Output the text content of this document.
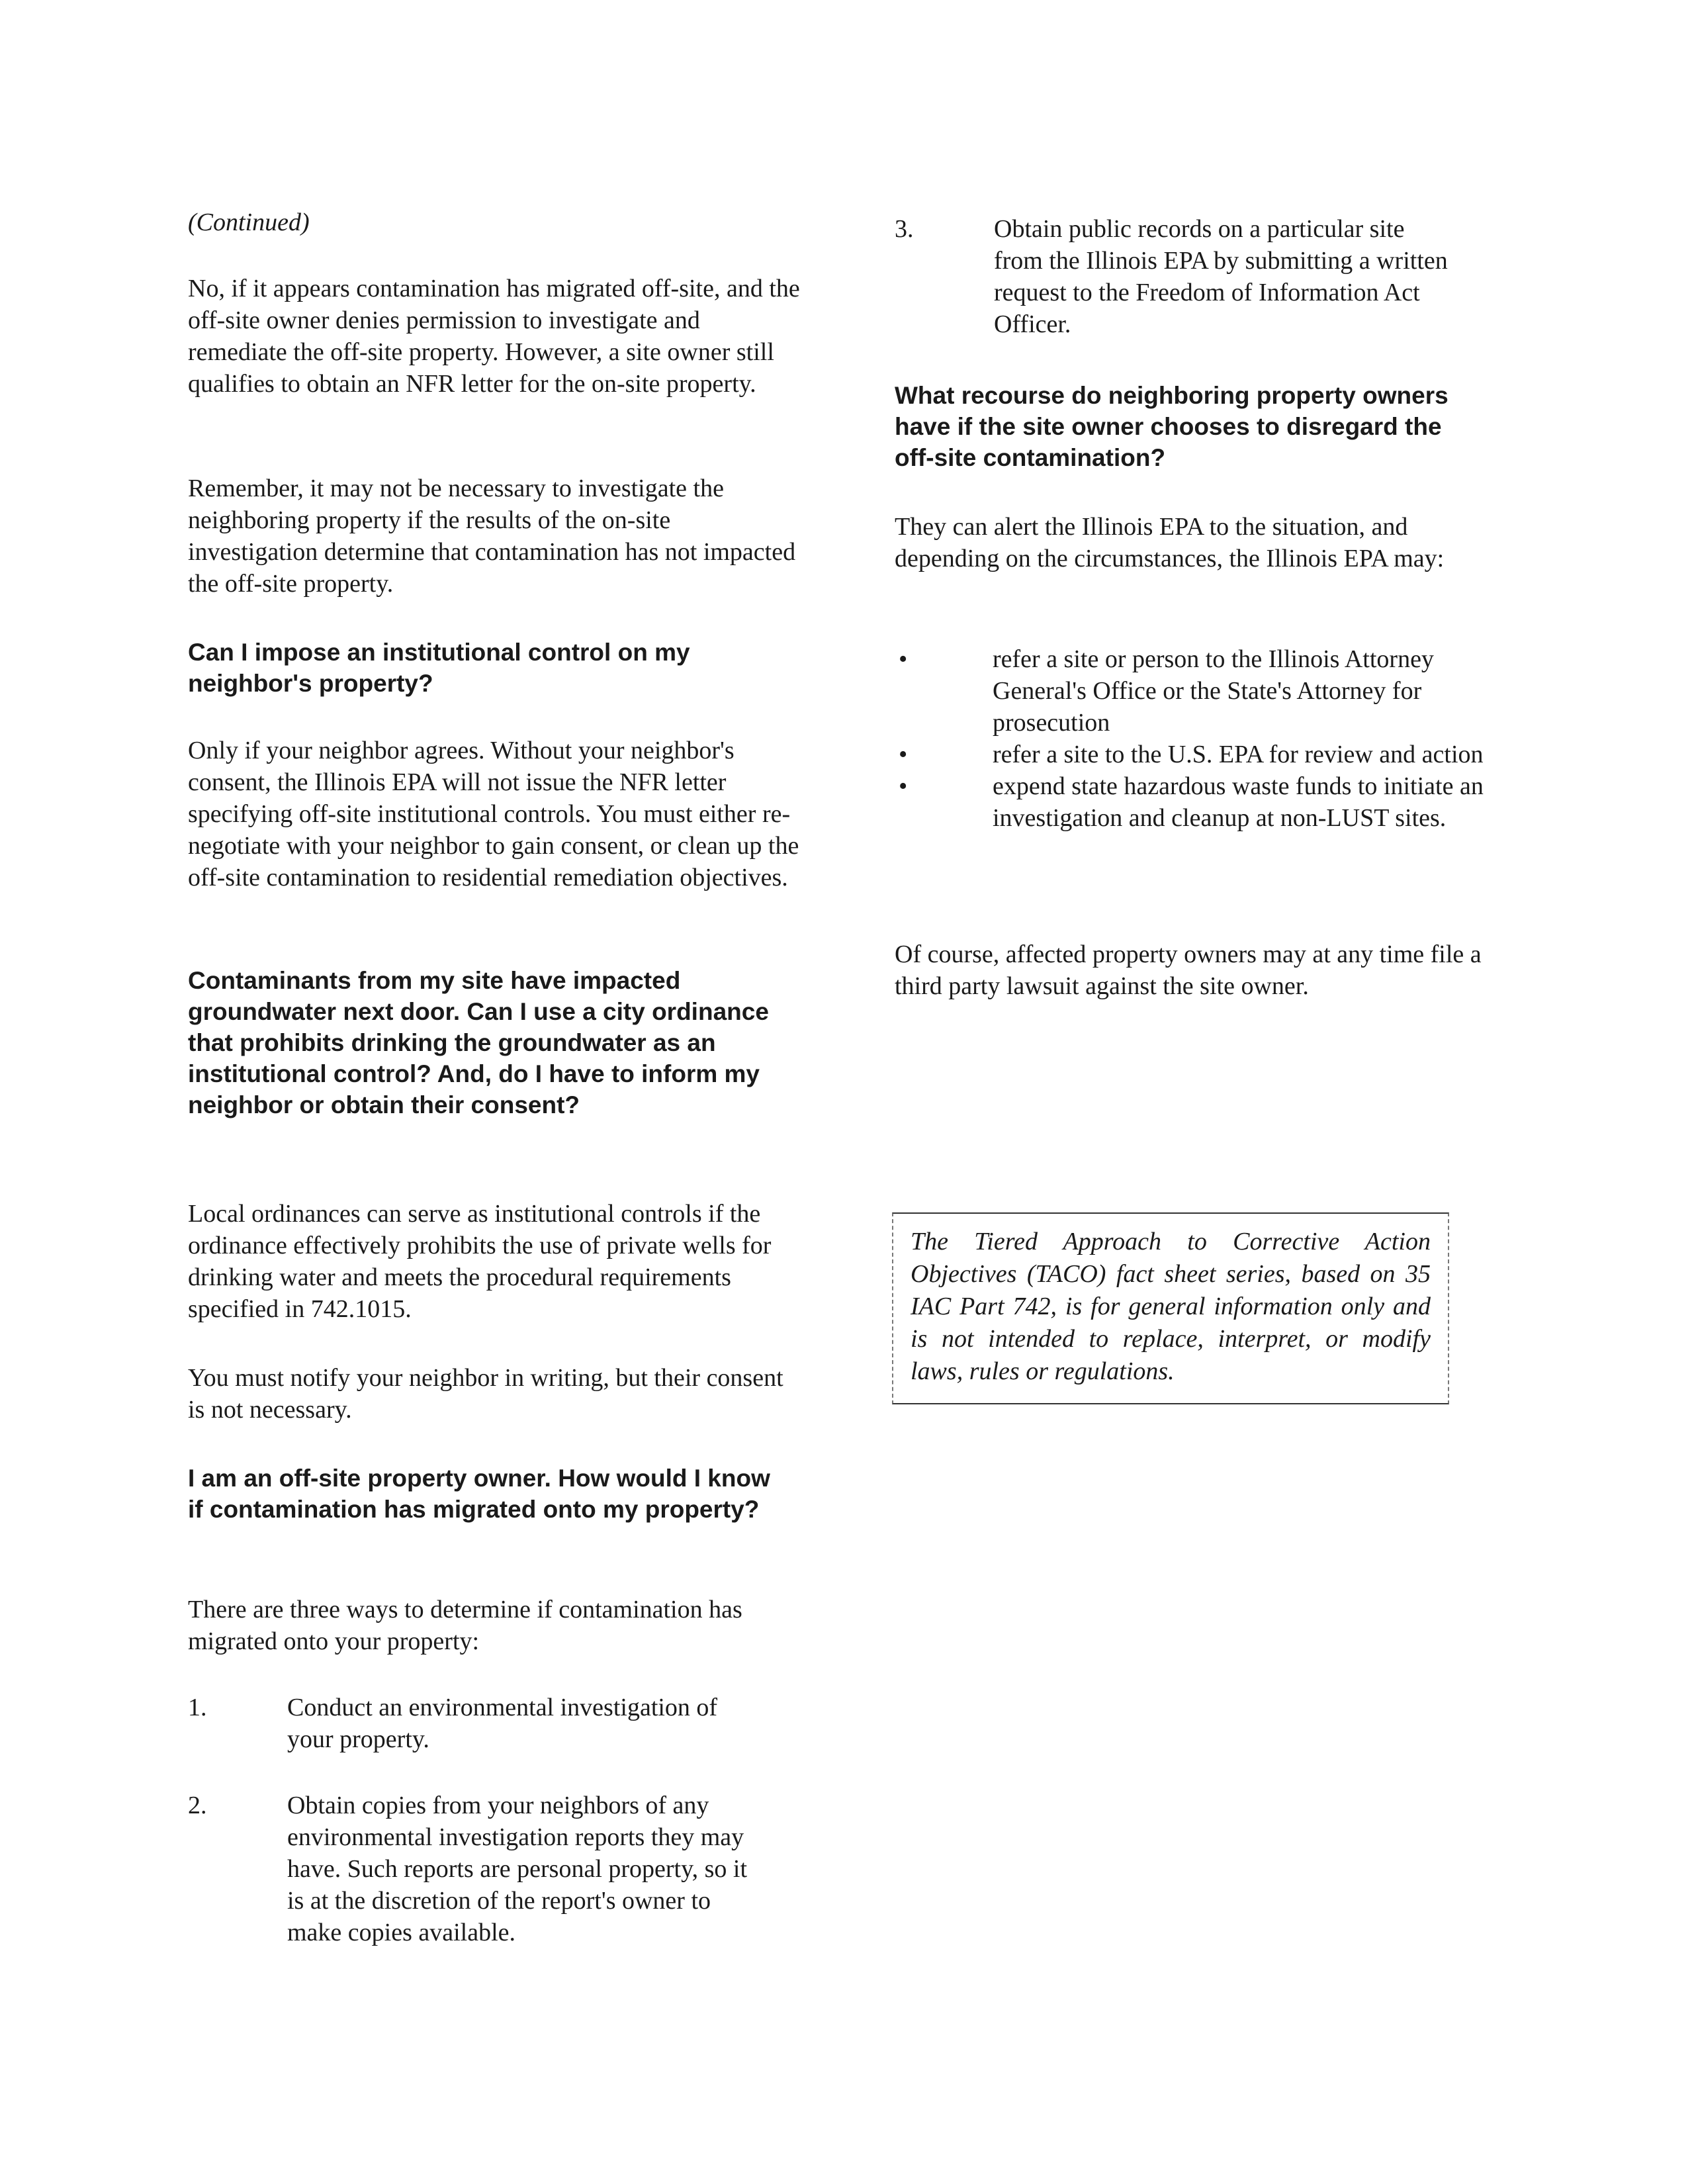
(Continued)

No, if it appears contamination has migrated off-site, and the off-site owner denies permission to investigate and remediate the off-site property. However, a site owner still qualifies to obtain an NFR letter for the on-site property.

Remember, it may not be necessary to investigate the neighboring property if the results of the on-site investigation determine that contamination has not impacted the off-site property.

Can I impose an institutional control on my neighbor's property?

Only if your neighbor agrees. Without your neighbor's consent, the Illinois EPA will not issue the NFR letter specifying off-site institutional controls. You must either re-negotiate with your neighbor to gain consent, or clean up the off-site contamination to residential remediation objectives.

Contaminants from my site have impacted groundwater next door. Can I use a city ordinance that prohibits drinking the groundwater as an institutional control? And, do I have to inform my neighbor or obtain their consent?

Local ordinances can serve as institutional controls if the ordinance effectively prohibits the use of private wells for drinking water and meets the procedural requirements specified in 742.1015.

You must notify your neighbor in writing, but their consent is not necessary.

I am an off-site property owner. How would I know if contamination has migrated onto my property?

There are three ways to determine if contamination has migrated onto your property:

1.	Conduct an environmental investigation of your property.
2.	Obtain copies from your neighbors of any environmental investigation reports they may have. Such reports are personal property, so it is at the discretion of the report's owner to make copies available.
3.	Obtain public records on a particular site from the Illinois EPA by submitting a written request to the Freedom of Information Act Officer.
What recourse do neighboring property owners have if the site owner chooses to disregard the off-site contamination?

They can alert the Illinois EPA to the situation, and depending on the circumstances, the Illinois EPA may:

•	refer a site or person to the Illinois Attorney General's Office or the State's Attorney for prosecution
•	refer a site to the U.S. EPA for review and action
•	expend state hazardous waste funds to initiate an investigation and cleanup at non-LUST sites.

Of course, affected property owners may at any time file a third party lawsuit against the site owner.

The Tiered Approach to Corrective Action Objectives (TACO) fact sheet series, based on 35 IAC Part 742, is for general information only and is not intended to replace, interpret, or modify laws, rules or regulations.
